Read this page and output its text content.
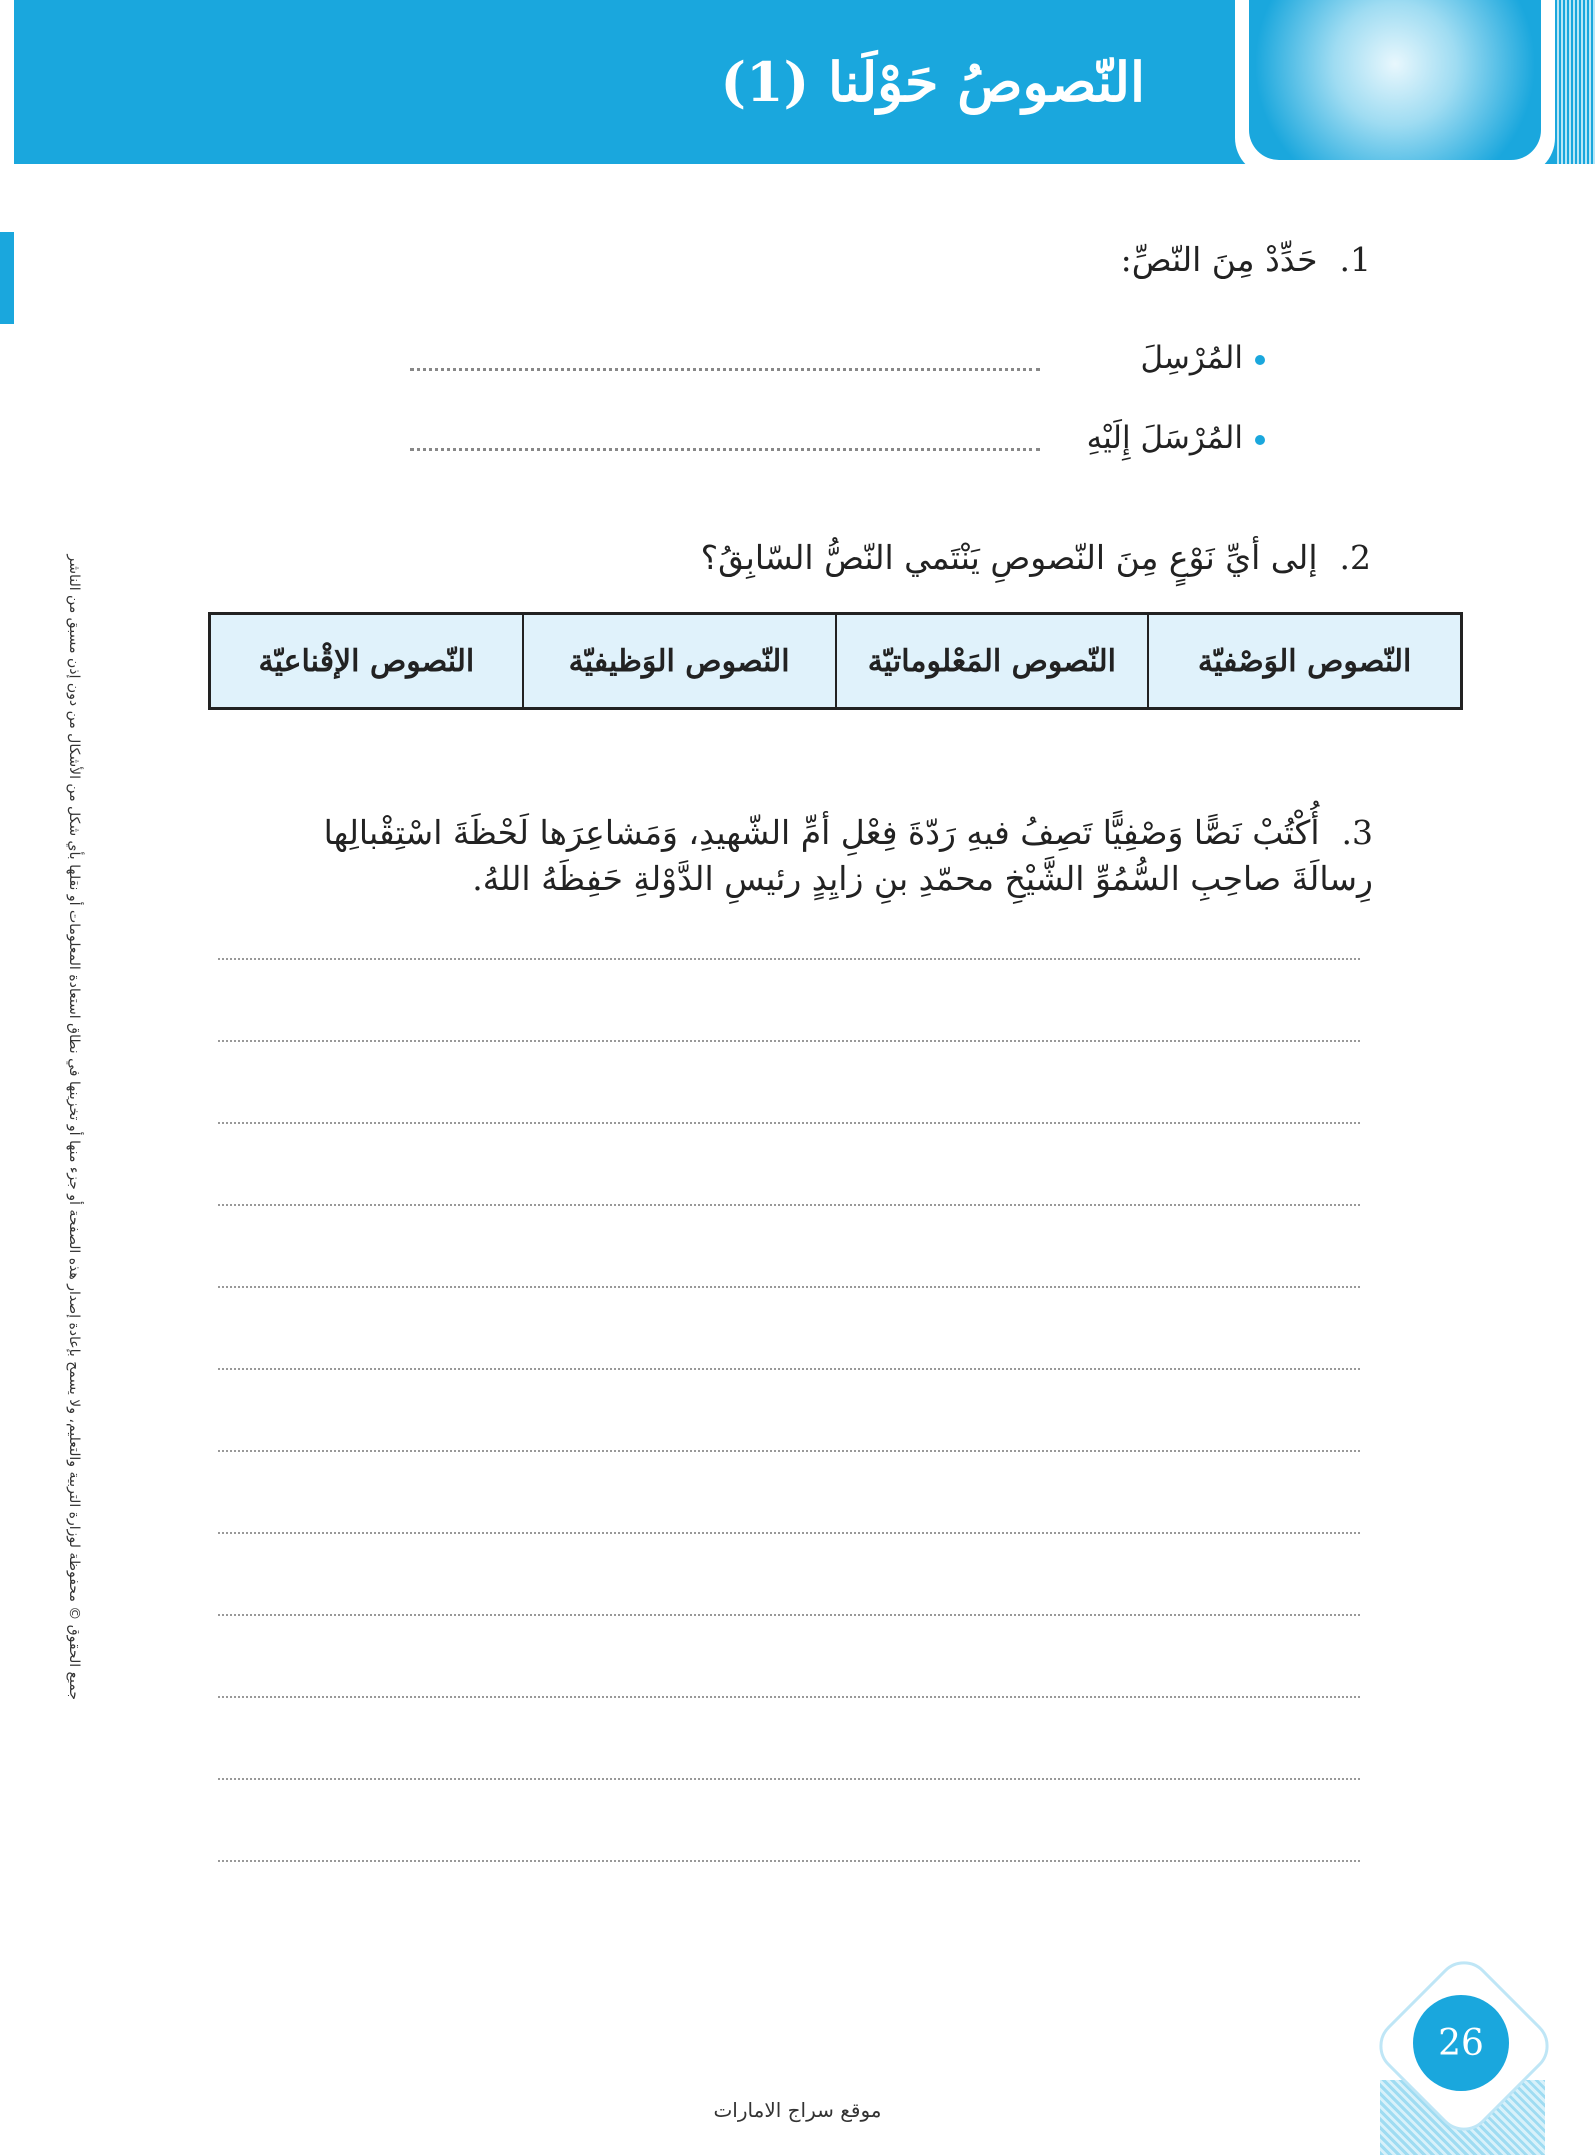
النّصوصُ حَوْلَنا (1)
جميع الحقوق © محفوظة لوزارة التربية والتعليم، ولا يسمح بإعادة إصدار هذه الصفحة أو جزء منها أو تخزينها في نطاق استعادة المعلومات أو نقلها بأي شكل من الأشكال من دون إذن مسبق من الناشر
1.حَدِّدْ مِنَ النّصِّ:
المُرْسِلَ
المُرْسَلَ إِلَيْهِ
2.إلى أيِّ نَوْعٍ مِنَ النّصوصِ يَنْتَمي النّصُّ السّابِقُ؟
النّصوص الوَصْفيّة
النّصوص المَعْلوماتيّة
النّصوص الوَظيفيّة
النّصوص الإقْناعيّة
3.أُكْتُبْ نَصًّا وَصْفِيًّا تَصِفُ فيهِ رَدّةَ فِعْلِ أمِّ الشّهيدِ، وَمَشاعِرَها لَحْظَةَ اسْتِقْبالِها رِسالَةَ صاحِبِ السُّمُوِّ الشَّيْخِ محمّدِ بنِ زايِدٍ رئيسِ الدَّوْلةِ حَفِظَهُ اللهُ.
26
موقع سراج الامارات
